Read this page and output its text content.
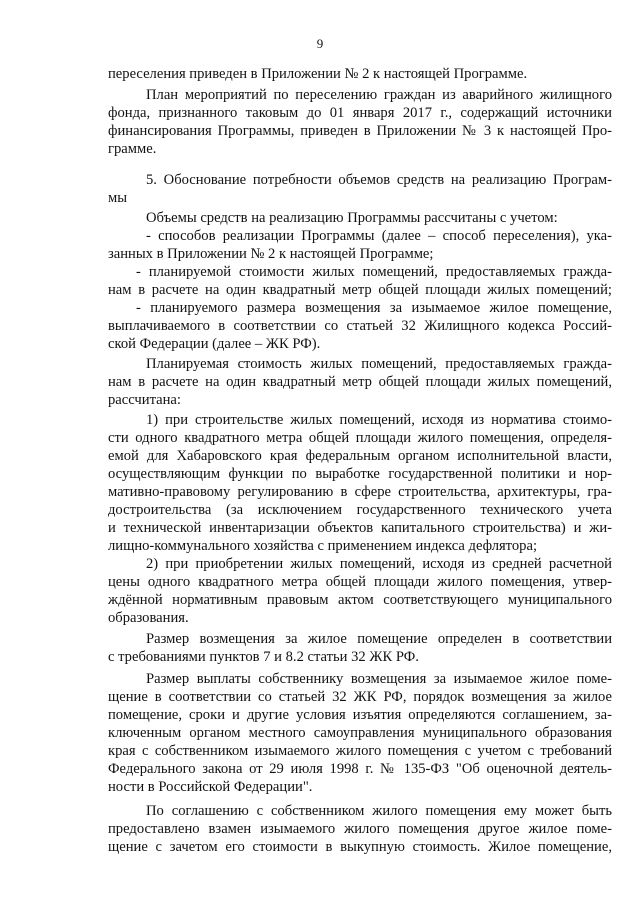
9
переселения приведен в Приложении № 2 к настоящей Программе.
План мероприятий по переселению граждан из аварийного жилищного
фонда, признанного таковым до 01 января 2017 г., содержащий источники
финансирования Программы, приведен в Приложении № 3 к настоящей Про-
грамме.
5. Обоснование потребности объемов средств на реализацию Програм-
мы
Объемы средств на реализацию Программы рассчитаны с учетом:
- способов реализации Программы (далее – способ переселения), ука-
занных в Приложении № 2 к настоящей Программе;
- планируемой стоимости жилых помещений, предоставляемых гражда-
нам в расчете на один квадратный метр общей площади жилых помещений;
- планируемого размера возмещения за изымаемое жилое помещение,
выплачиваемого в соответствии со статьей 32 Жилищного кодекса Россий-
ской Федерации (далее – ЖК РФ).
Планируемая стоимость жилых помещений, предоставляемых гражда-
нам в расчете на один квадратный метр общей площади жилых помещений,
рассчитана:
1) при строительстве жилых помещений, исходя из норматива стоимо-
сти одного квадратного метра общей площади жилого помещения, определя-
емой для Хабаровского края федеральным органом исполнительной власти,
осуществляющим функции по выработке государственной политики и нор-
мативно-правовому регулированию в сфере строительства, архитектуры, гра-
достроительства (за исключением государственного технического учета
и технической инвентаризации объектов капитального строительства) и жи-
лищно-коммунального хозяйства с применением индекса дефлятора;
2) при приобретении жилых помещений, исходя из средней расчетной
цены одного квадратного метра общей площади жилого помещения, утвер-
ждённой нормативным правовым актом соответствующего муниципального
образования.
Размер возмещения за жилое помещение определен в соответствии
с требованиями пунктов 7 и 8.2 статьи 32 ЖК РФ.
Размер выплаты собственнику возмещения за изымаемое жилое поме-
щение в соответствии со статьей 32 ЖК РФ, порядок возмещения за жилое
помещение, сроки и другие условия изъятия определяются соглашением, за-
ключенным органом местного самоуправления муниципального образования
края с собственником изымаемого жилого помещения с учетом с требований
Федерального закона от 29 июля 1998 г. № 135-ФЗ "Об оценочной деятель-
ности в Российской Федерации".
По соглашению с собственником жилого помещения ему может быть
предоставлено взамен изымаемого жилого помещения другое жилое поме-
щение с зачетом его стоимости в выкупную стоимость. Жилое помещение,
